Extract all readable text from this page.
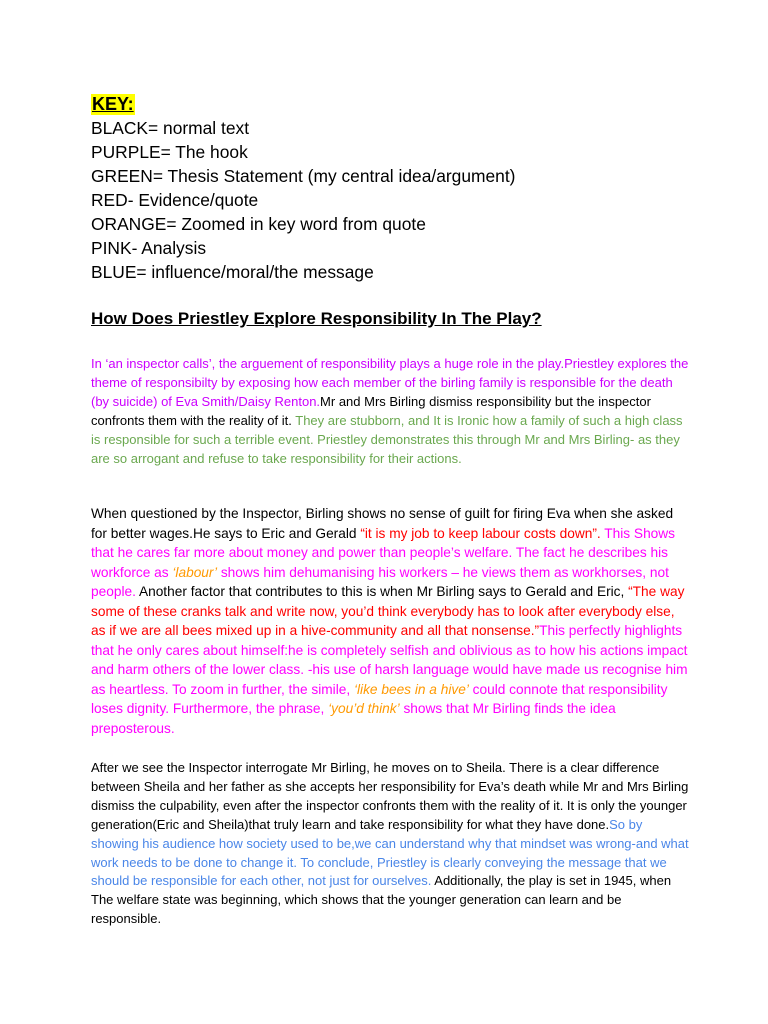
KEY:
BLACK= normal text
PURPLE= The hook
GREEN= Thesis Statement (my central idea/argument)
RED- Evidence/quote
ORANGE= Zoomed in key word from quote
PINK- Analysis
BLUE= influence/moral/the message
How Does Priestley Explore Responsibility In The Play?

In ‘an inspector calls’, the arguement of responsibility plays a huge role in the play.Priestley explores the theme of responsibilty by exposing how each member of the birling family is responsible for the death (by suicide) of Eva Smith/Daisy Renton.Mr and Mrs Birling dismiss responsibility but the inspector confronts them with the reality of it. They are stubborn, and It is Ironic how a family of such a high class is responsible for such a terrible event. Priestley demonstrates this through Mr and Mrs Birling- as they are so arrogant and refuse to take responsibility for their actions.

When questioned by the Inspector, Birling shows no sense of guilt for firing Eva when she asked for better wages.He says to Eric and Gerald “it is my job to keep labour costs down”. This Shows that he cares far more about money and power than people’s welfare. The fact he describes his workforce as ‘labour’ shows him dehumanising his workers – he views them as workhorses, not people. Another factor that contributes to this is when Mr Birling says to Gerald and Eric, “The way some of these cranks talk and write now, you’d think everybody has to look after everybody else, as if we are all bees mixed up in a hive-community and all that nonsense.”This perfectly highlights that he only cares about himself:he is completely selfish and oblivious as to how his actions impact and harm others of the lower class. -his use of harsh language would have made us recognise him as heartless. To zoom in further, the simile, ‘like bees in a hive’ could connote that responsibility loses dignity. Furthermore, the phrase, ‘you’d think’ shows that Mr Birling finds the idea preposterous.

After we see the Inspector interrogate Mr Birling, he moves on to Sheila. There is a clear difference between Sheila and her father as she accepts her responsibility for Eva’s death while Mr and Mrs Birling dismiss the culpability, even after the inspector confronts them with the reality of it. It is only the younger generation(Eric and Sheila)that truly learn and take responsibility for what they have done.So by showing his audience how society used to be,we can understand why that mindset was wrong-and what work needs to be done to change it. To conclude, Priestley is clearly conveying the message that we should be responsible for each other, not just for ourselves. Additionally, the play is set in 1945, when The welfare state was beginning, which shows that the younger generation can learn and be responsible.
